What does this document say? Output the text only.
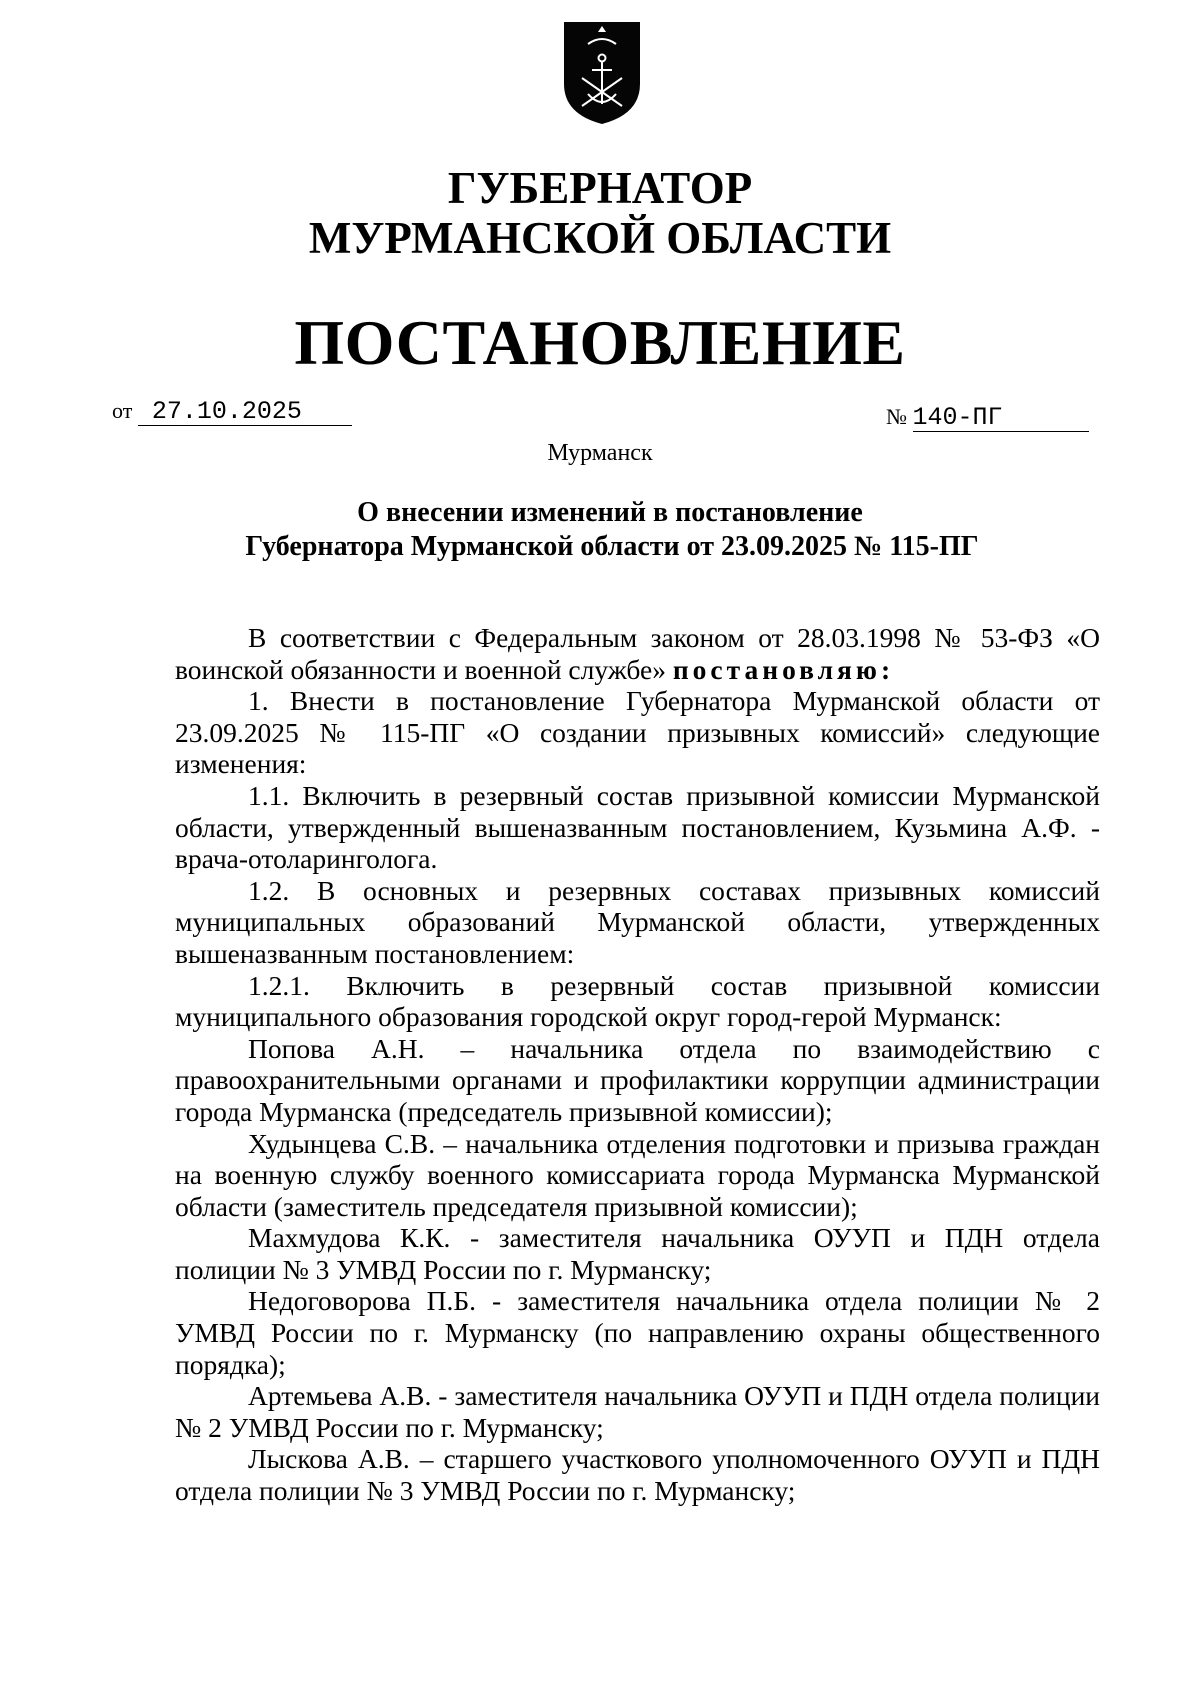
ГУБЕРНАТОР
МУРМАНСКОЙ ОБЛАСТИ
ПОСТАНОВЛЕНИЕ
от 27.10.2025	№ 140-ПГ
Мурманск
О внесении изменений в постановление
Губернатора Мурманской области от 23.09.2025 № 115-ПГ

В соответствии с Федеральным законом от 28.03.1998 № 53-ФЗ «О воинской обязанности и военной службе» постановляю:

1. Внести в постановление Губернатора Мурманской области от 23.09.2025 № 115-ПГ «О создании призывных комиссий» следующие изменения:

1.1. Включить в резервный состав призывной комиссии Мурманской области, утвержденный вышеназванным постановлением, Кузьмина А.Ф. - врача-отоларинголога.

1.2. В основных и резервных составах призывных комиссий муниципальных образований Мурманской области, утвержденных вышеназванным постановлением:

1.2.1. Включить в резервный состав призывной комиссии муниципального образования городской округ город-герой Мурманск:

Попова А.Н. – начальника отдела по взаимодействию с правоохранительными органами и профилактики коррупции администрации города Мурманска (председатель призывной комиссии);

Худынцева С.В. – начальника отделения подготовки и призыва граждан на военную службу военного комиссариата города Мурманска Мурманской области (заместитель председателя призывной комиссии);

Махмудова К.К. - заместителя начальника ОУУП и ПДН отдела полиции № 3 УМВД России по г. Мурманску;

Недоговорова П.Б. - заместителя начальника отдела полиции № 2 УМВД России по г. Мурманску (по направлению охраны общественного порядка);

Артемьева А.В. - заместителя начальника ОУУП и ПДН отдела полиции № 2 УМВД России по г. Мурманску;

Лыскова А.В. – старшего участкового уполномоченного ОУУП и ПДН отдела полиции № 3 УМВД России по г. Мурманску;
